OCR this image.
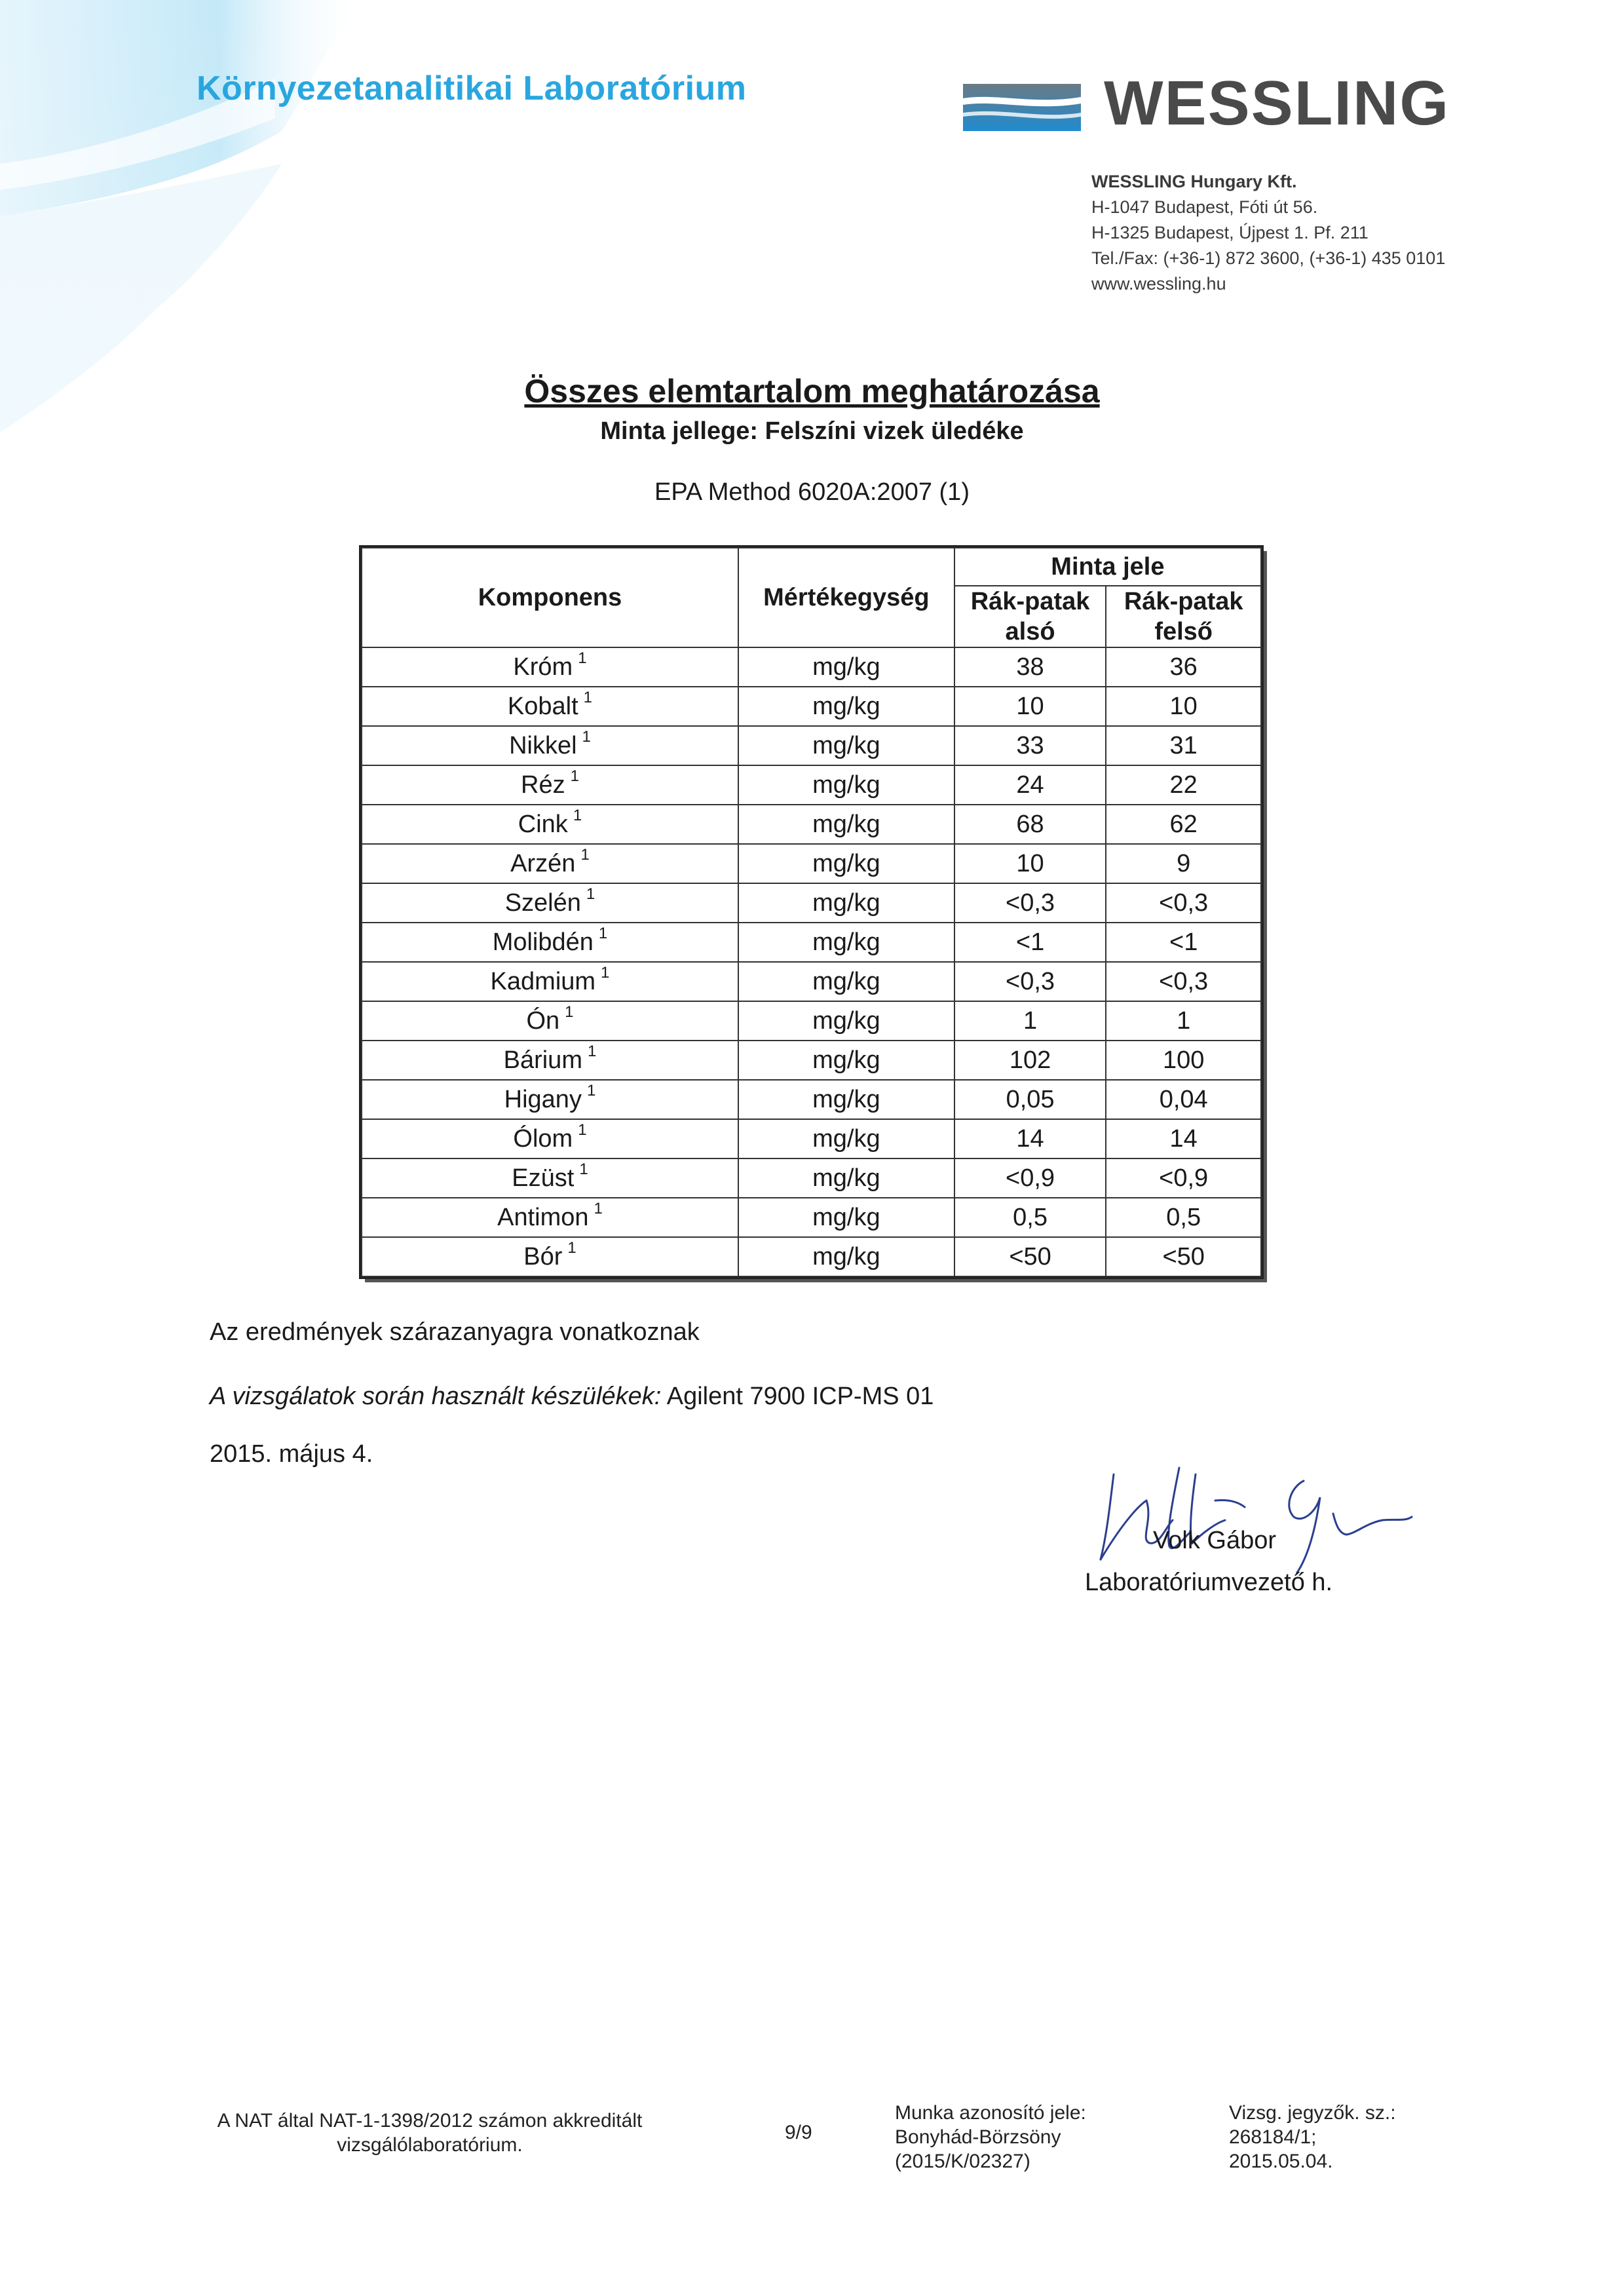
Környezetanalitikai Laboratórium	WESSLING
WESSLING Hungary Kft.
H-1047 Budapest, Fóti út 56.
H-1325 Budapest, Újpest 1. Pf. 211
Tel./Fax: (+36-1) 872 3600, (+36-1) 435 0101
www.wessling.hu
Összes elemtartalom meghatározása
Minta jellege: Felszíni vizek üledéke
EPA Method 6020A:2007 (1)
Komponens	Mértékegység	Minta jele	
		Rák-patak alsó	Rák-patak felső
Króm $^1$	mg/kg	38	36
Kobalt $^1$	mg/kg	10	10
Nikkel $^1$	mg/kg	33	31
Réz $^1$	mg/kg	24	22
Cink $^1$	mg/kg	68	62
Arzén $^1$	mg/kg	10	9
Szelén $^1$	mg/kg	<0,3	<0,3
Molibdén $^1$	mg/kg	<1	<1
Kadmium $^1$	mg/kg	<0,3	<0,3
Ón $^1$	mg/kg	1	1
Bárium $^1$	mg/kg	102	100
Higany $^1$	mg/kg	0,05	0,04
Ólom $^1$	mg/kg	14	14
Ezüst $^1$	mg/kg	<0,9	<0,9
Antimon $^1$	mg/kg	0,5	0,5
Bór $^1$	mg/kg	<50	<50
Az eredmények szárazanyagra vonatkoznak
A vizsgálatok során használt készülékek: Agilent 7900 ICP-MS 01
2015. május 4.
Volk Gábor
Laboratóriumvezető h.
A NAT által NAT-1-1398/2012 számon akkreditált
vizsgálólaboratórium.
9/9
Munka azonosító jele:
Bonyhád-Börzsöny
(2015/K/02327)
Vizsg. jegyzők. sz.:
268184/1;
2015.05.04.
